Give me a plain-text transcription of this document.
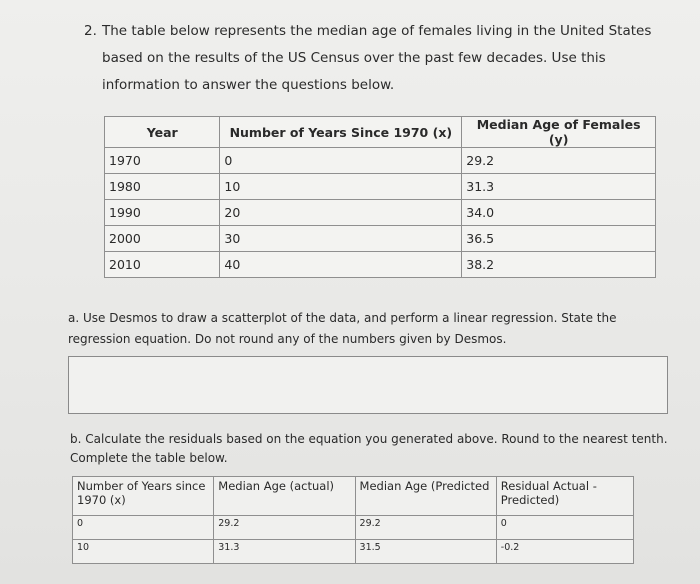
2. The table below represents the median age of females living in the United States based on the results of the US Census over the past few decades. Use this information to answer the questions below.
Year	Number of Years Since 1970 (x)	Median Age of Females (y)
1970	0	29.2
1980	10	31.3
1990	20	34.0
2000	30	36.5
2010	40	38.2
a. Use Desmos to draw a scatterplot of the data, and perform a linear regression. State the regression equation. Do not round any of the numbers given by Desmos.
b. Calculate the residuals based on the equation you generated above. Round to the nearest tenth. Complete the table below.
Number of Years since 1970 (x)	Median Age (actual)	Median Age (Predicted	Residual Actual - Predicted)
0	29.2	29.2	0
10	31.3	31.5	-0.2
